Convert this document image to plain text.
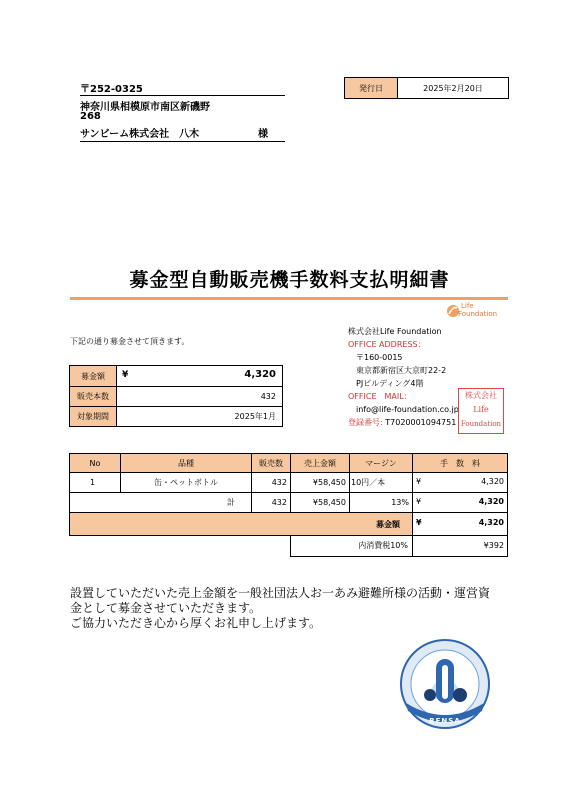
〒252-0325
神奈川県相模原市南区新磯野
268
サンビーム株式会社　八木	様
発行日	2025年2月20日
募金型自動販売機手数料支払明細書
Life
Foundation
下記の通り募金させて頂きます。
株式会社Life Foundation
OFFICE ADDRESS：
〒160-0015
東京都新宿区大京町22-2
PJビルディング4階
OFFICE　MAIL：
info@life-foundation.co.jp
登録番号: T7020001094751
株式会社
Life
Foundation
募金額	¥ 4,320

販売本数	432
対象期間	2025年1月
No	品種	販売数	売上金額	マージン	手　数　料
1	缶・ペットボトル	432	¥58,450	10円／本	¥ 4,320

	計	432	¥58,450	13%	¥ 4,320

募金額					¥ 4,320

			内消費税10%		¥392
設置していただいた売上金額を一般社団法人お一あみ避難所様の活動・運営資
金として募金させていただきます。
ご協力いただき心から厚くお礼申し上げます。
RENSA
